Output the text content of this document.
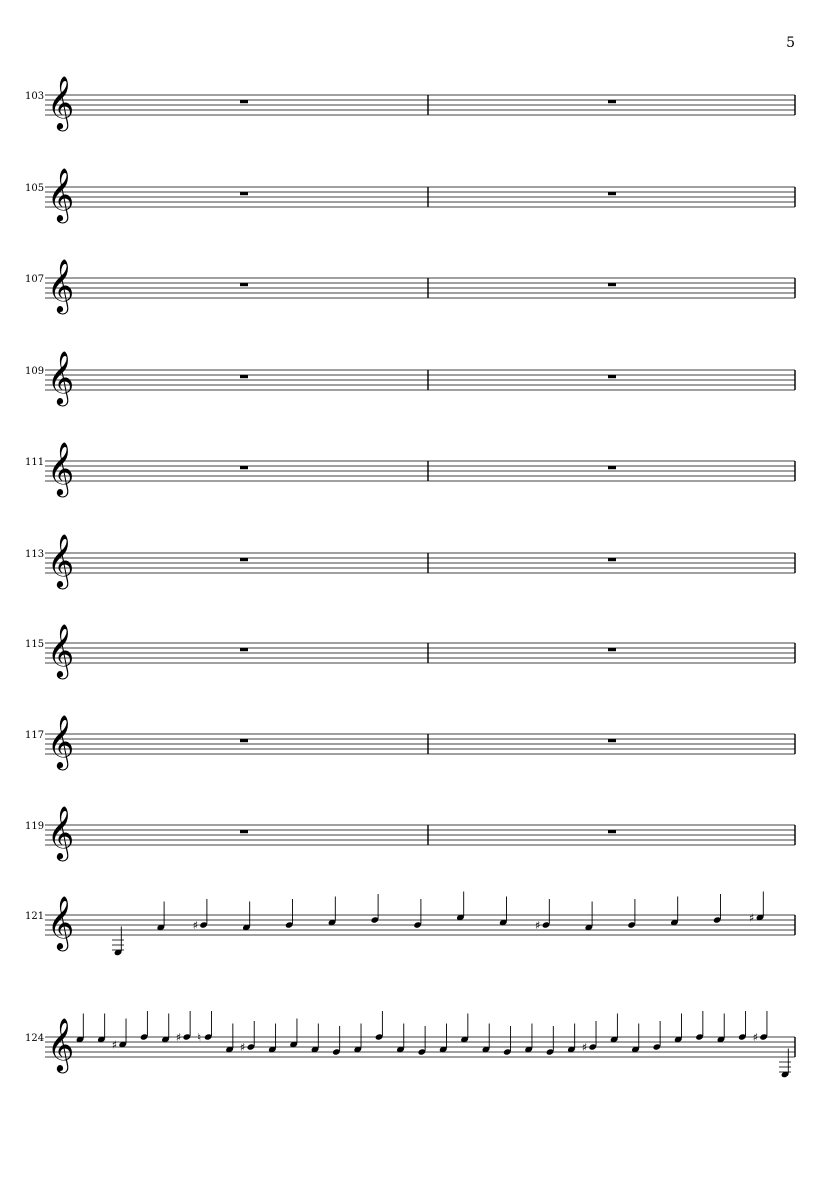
5
103 𝄞
105 𝄞
107 𝄞
109 𝄞
111 𝄞
113 𝄞
115 𝄞
117 𝄞
119 𝄞
121 𝄞	♯	♯
♯
124 𝄞	♯
♯ ♮
♯	♯
♯
